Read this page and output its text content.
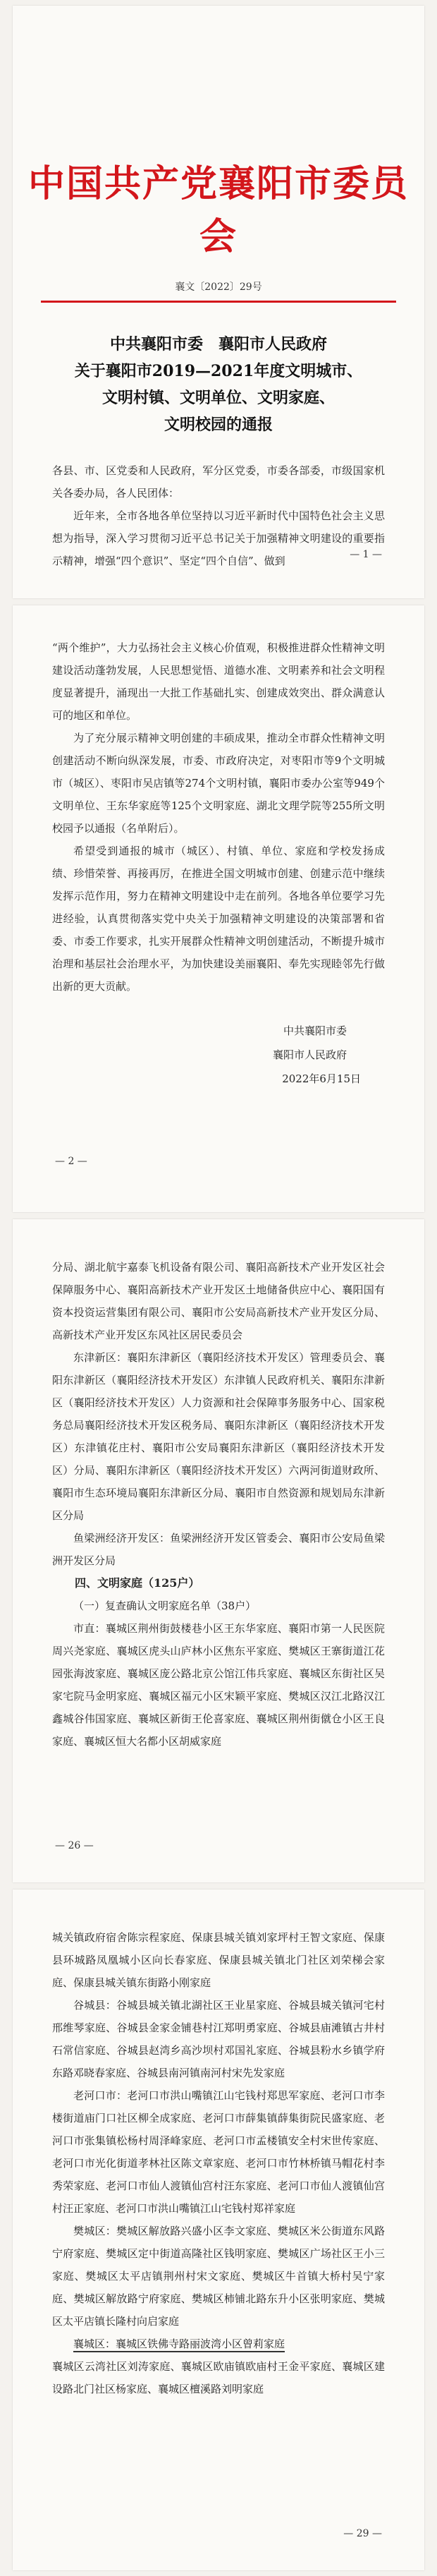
中国共产党襄阳市委员会
襄文〔2022〕29号
中共襄阳市委　襄阳市人民政府
关于襄阳市2019—2021年度文明城市、
文明村镇、文明单位、文明家庭、
文明校园的通报
各县、市、区党委和人民政府，军分区党委，市委各部委，市级国家机关各委办局，各人民团体：
近年来，全市各地各单位坚持以习近平新时代中国特色社会主义思想为指导，深入学习贯彻习近平总书记关于加强精神文明建设的重要指示精神，增强“四个意识”、坚定“四个自信”、做到	— 1 —
“两个维护”，大力弘扬社会主义核心价值观，积极推进群众性精神文明建设活动蓬勃发展，人民思想觉悟、道德水准、文明素养和社会文明程度显著提升，涌现出一大批工作基础扎实、创建成效突出、群众满意认可的地区和单位。
为了充分展示精神文明创建的丰硕成果，推动全市群众性精神文明创建活动不断向纵深发展，市委、市政府决定，对枣阳市等9个文明城市（城区）、枣阳市吴店镇等274个文明村镇，襄阳市委办公室等949个文明单位、王东华家庭等125个文明家庭、湖北文理学院等255所文明校园予以通报（名单附后）。
希望受到通报的城市（城区）、村镇、单位、家庭和学校发扬成绩、珍惜荣誉、再接再厉，在推进全国文明城市创建、创建示范中继续发挥示范作用，努力在精神文明建设中走在前列。各地各单位要学习先进经验，认真贯彻落实党中央关于加强精神文明建设的决策部署和省委、市委工作要求，扎实开展群众性精神文明创建活动，不断提升城市治理和基层社会治理水平，为加快建设美丽襄阳、奉先实现睦邻先行做出新的更大贡献。
中共襄阳市委
襄阳市人民政府
2022年6月15日
— 2 —
分局、湖北航宇嘉泰飞机设备有限公司、襄阳高新技术产业开发区社会保障服务中心、襄阳高新技术产业开发区土地储备供应中心、襄阳国有资本投资运营集团有限公司、襄阳市公安局高新技术产业开发区分局、高新技术产业开发区东风社区居民委员会
东津新区：襄阳东津新区（襄阳经济技术开发区）管理委员会、襄阳东津新区（襄阳经济技术开发区）东津镇人民政府机关、襄阳东津新区（襄阳经济技术开发区）人力资源和社会保障事务服务中心、国家税务总局襄阳经济技术开发区税务局、襄阳东津新区（襄阳经济技术开发区）东津镇花庄村、襄阳市公安局襄阳东津新区（襄阳经济技术开发区）分局、襄阳东津新区（襄阳经济技术开发区）六两河街道财政所、襄阳市生态环境局襄阳东津新区分局、襄阳市自然资源和规划局东津新区分局
鱼梁洲经济开发区：鱼梁洲经济开发区管委会、襄阳市公安局鱼梁洲开发区分局
四、文明家庭（125户）
（一）复查确认文明家庭名单（38户）
市直：襄城区荆州街鼓楼巷小区王东华家庭、襄阳市第一人民医院周兴尧家庭、襄城区虎头山庐林小区焦东平家庭、樊城区王寨街道江花园张海波家庭、襄城区庞公路北京公馆江伟兵家庭、襄城区东街社区吴家宅院马金明家庭、襄城区福元小区宋颖平家庭、樊城区汉江北路汉江鑫城谷伟国家庭、襄城区新街王伦喜家庭、襄城区荆州街僦仓小区王良家庭、襄城区恒大名都小区胡威家庭
— 26 —
城关镇政府宿舍陈宗程家庭、保康县城关镇刘家坪村王智文家庭、保康县环城路凤凰城小区向长春家庭、保康县城关镇北门社区刘荣梯会家庭、保康县城关镇东街路小刚家庭
谷城县：谷城县城关镇北湖社区王业星家庭、谷城县城关镇河宅村邢维琴家庭、谷城县金家金铺巷村江郑明勇家庭、谷城县庙滩镇古井村石常信家庭、谷城县赵湾乡高沙坝村邓国礼家庭、谷城县粉水乡镇学府东路邓晓春家庭、谷城县南河镇南河村宋先发家庭
老河口市：老河口市洪山嘴镇江山宅钱村郑思军家庭、老河口市李楼街道庙门口社区柳全成家庭、老河口市薛集镇薛集街院民盛家庭、老河口市张集镇松杨村周泽峰家庭、老河口市孟楼镇安全村宋世传家庭、老河口市光化街道孝林社区陈文章家庭、老河口市竹林桥镇马帽花村李秀荣家庭、老河口市仙人渡镇仙宫村汪东家庭、老河口市仙人渡镇仙宫村汪正家庭、老河口市洪山嘴镇江山宅钱村郑祥家庭
樊城区：樊城区解放路兴盛小区李文家庭、樊城区米公街道东风路宁府家庭、樊城区定中街道高隆社区钱明家庭、樊城区广场社区王小三家庭、樊城区太平店镇荆州村宋文家庭、樊城区牛首镇大桥村吴宁家庭、樊城区解放路宁府家庭、樊城区柿铺北路东升小区张明家庭、樊城区太平店镇长隆村向启家庭
襄城区：襄城区铁佛寺路丽波湾小区曾莉家庭
襄城区云湾社区刘涛家庭、襄城区欧庙镇欧庙村王金平家庭、襄城区建设路北门社区杨家庭、襄城区檀溪路刘明家庭
— 29 —
